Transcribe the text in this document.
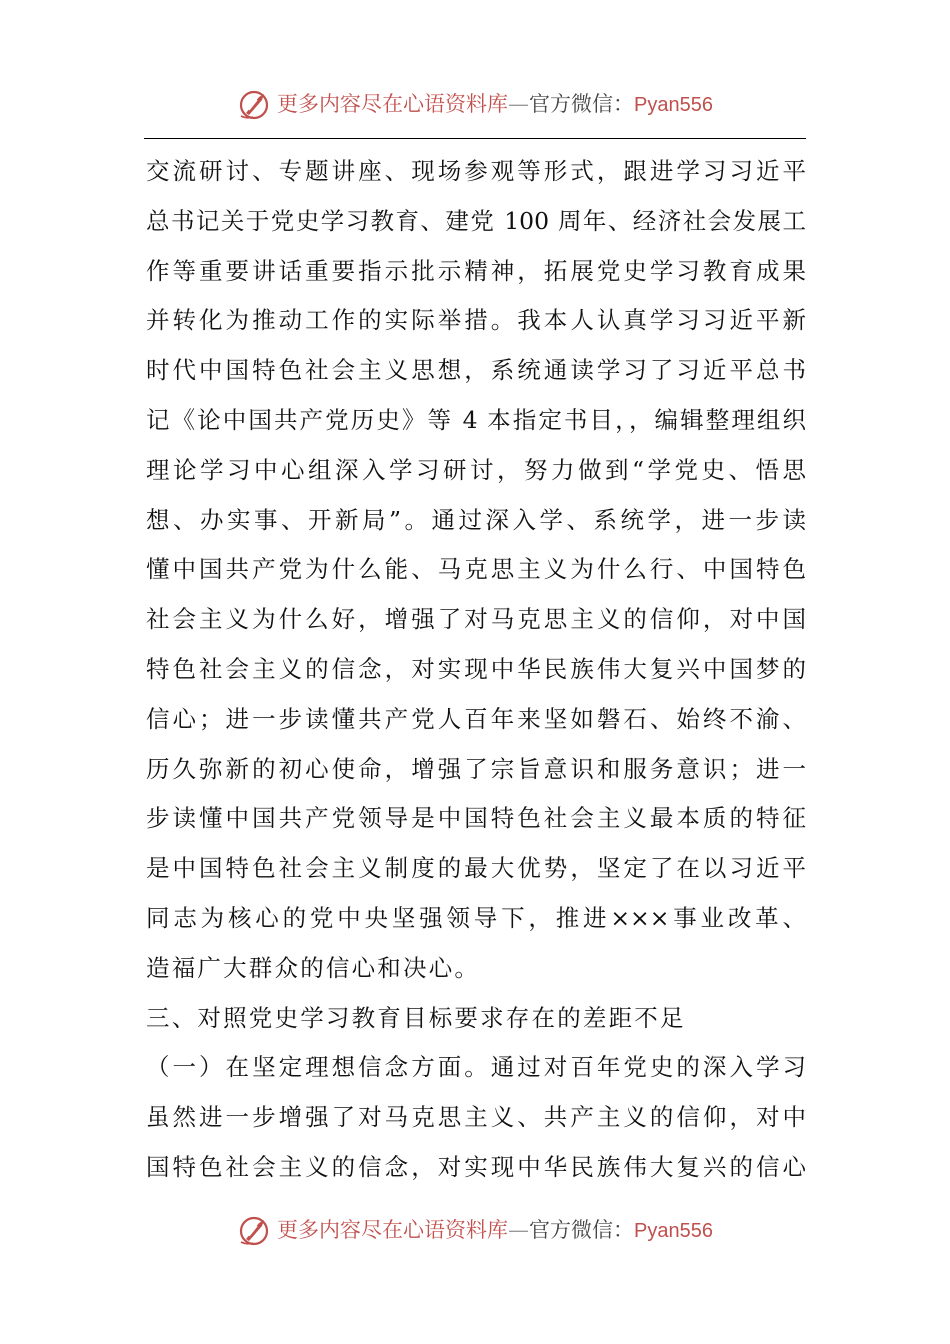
更多内容尽在心语资料库—官方微信：Pyan556
交流研讨、专题讲座、现场参观等形式，跟进学习习近平
总书记关于党史学习教育、建党 100 周年、经济社会发展工
作等重要讲话重要指示批示精神，拓展党史学习教育成果
并转化为推动工作的实际举措。我本人认真学习习近平新
时代中国特色社会主义思想，系统通读学习了习近平总书
记《论中国共产党历史》等 4 本指定书目，，编辑整理组织
理论学习中心组深入学习研讨，努力做到“学党史、悟思
想、办实事、开新局”。通过深入学、系统学，进一步读
懂中国共产党为什么能、马克思主义为什么行、中国特色
社会主义为什么好，增强了对马克思主义的信仰，对中国
特色社会主义的信念，对实现中华民族伟大复兴中国梦的
信心；进一步读懂共产党人百年来坚如磐石、始终不渝、
历久弥新的初心使命，增强了宗旨意识和服务意识；进一
步读懂中国共产党领导是中国特色社会主义最本质的特征
是中国特色社会主义制度的最大优势，坚定了在以习近平
同志为核心的党中央坚强领导下，推进×××事业改革、
造福广大群众的信心和决心。
三、对照党史学习教育目标要求存在的差距不足
（一）在坚定理想信念方面。通过对百年党史的深入学习
虽然进一步增强了对马克思主义、共产主义的信仰，对中
国特色社会主义的信念，对实现中华民族伟大复兴的信心
更多内容尽在心语资料库—官方微信：Pyan556
